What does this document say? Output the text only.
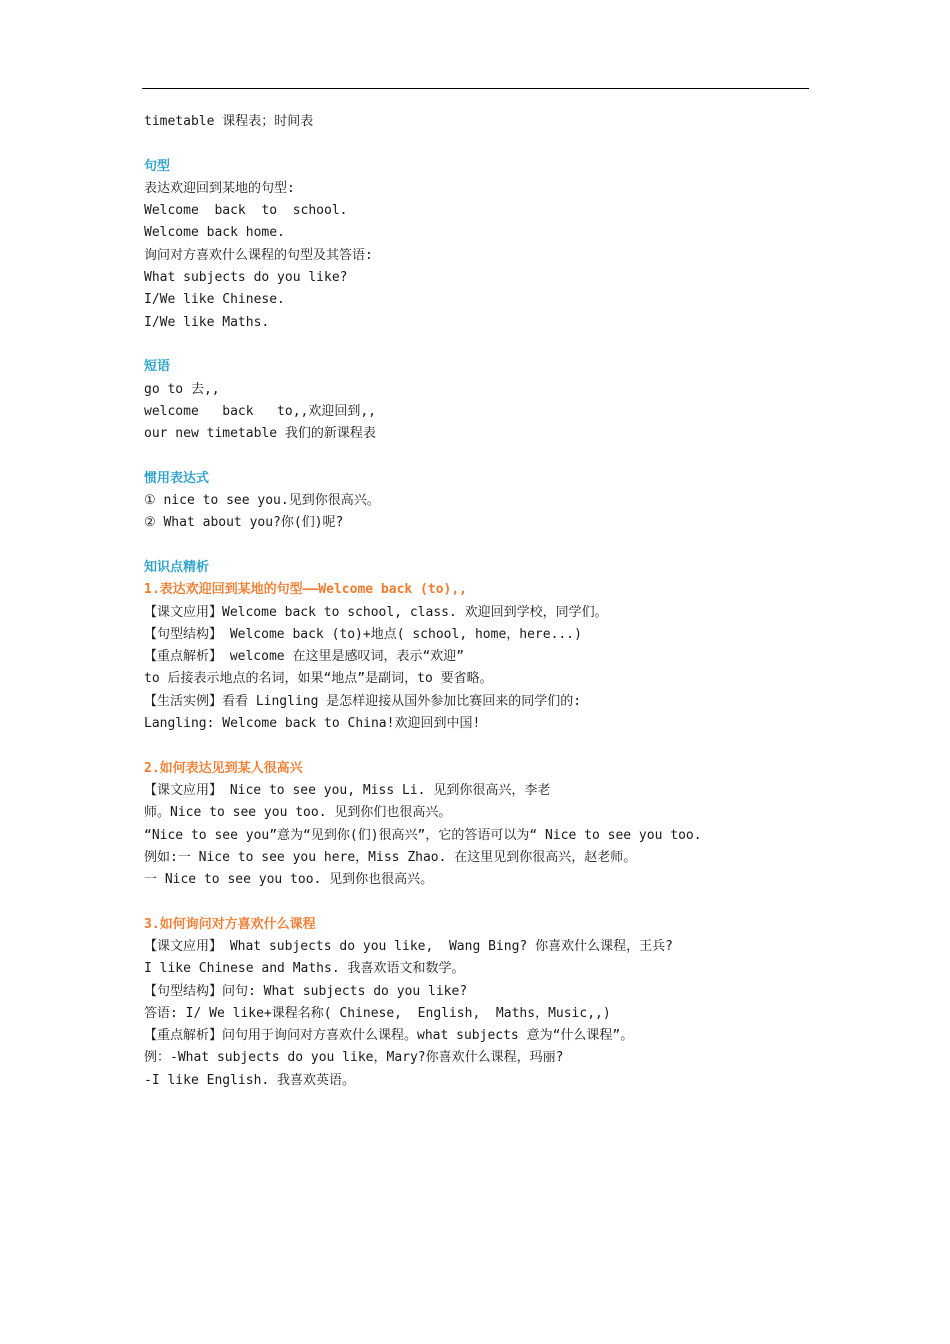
timetable 课程表；时间表
句型
表达欢迎回到某地的句型:
Welcome  back  to  school.
Welcome back home.
询问对方喜欢什么课程的句型及其答语:
What subjects do you like?
I/We like Chinese.
I/We like Maths.
短语
go to 去,,
welcome   back   to,,欢迎回到,,
our new timetable 我们的新课程表
惯用表达式
① nice to see you.见到你很高兴。
② What about you?你(们)呢?
知识点精析
1.表达欢迎回到某地的句型——Welcome back (to),,
【课文应用】Welcome back to school, class. 欢迎回到学校，同学们。
【句型结构】 Welcome back (to)+地点( school, home，here...)
【重点解析】 welcome 在这里是感叹词，表示“欢迎”
to 后接表示地点的名词，如果“地点”是副词，to 要省略。
【生活实例】看看 Lingling 是怎样迎接从国外参加比赛回来的同学们的:
Langling: Welcome back to China!欢迎回到中国!
2.如何表达见到某人很高兴
【课文应用】 Nice to see you, Miss Li. 见到你很高兴，李老
师。Nice to see you too. 见到你们也很高兴。
“Nice to see you”意为“见到你(们)很高兴”，它的答语可以为“ Nice to see you too.
例如:一 Nice to see you here，Miss Zhao. 在这里见到你很高兴，赵老师。
一 Nice to see you too. 见到你也很高兴。
3.如何询问对方喜欢什么课程
【课文应用】 What subjects do you like,  Wang Bing? 你喜欢什么课程，王兵?
I like Chinese and Maths. 我喜欢语文和数学。
【句型结构】问句: What subjects do you like?
答语: I/ We like+课程名称( Chinese,  English,  Maths，Music,,)
【重点解析】问句用于询问对方喜欢什么课程。what subjects 意为“什么课程”。
例：-What subjects do you like，Mary?你喜欢什么课程，玛丽?
-I like English. 我喜欢英语。
